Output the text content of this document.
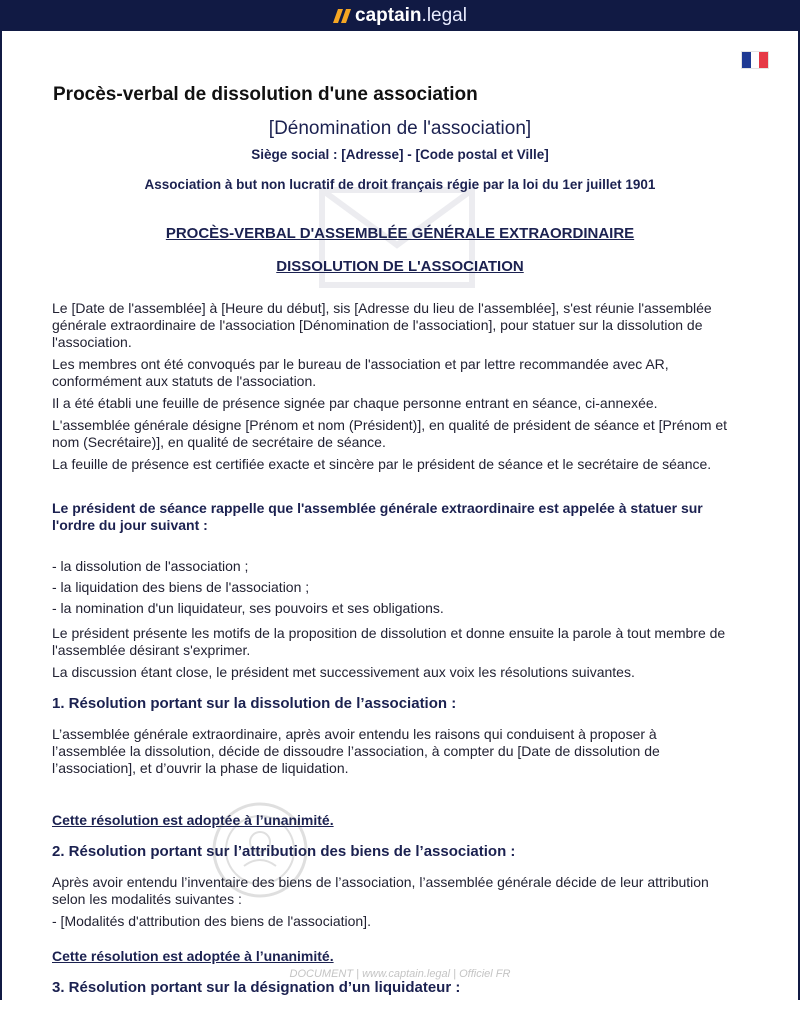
captain .legal
Procès-verbal de dissolution d'une association
[Dénomination de l'association]
Siège social : [Adresse] - [Code postal et Ville]
Association à but non lucratif de droit français régie par la loi du 1er juillet 1901
PROCÈS-VERBAL D'ASSEMBLÉE GÉNÉRALE EXTRAORDINAIRE
DISSOLUTION DE L'ASSOCIATION

Le [Date de l'assemblée] à [Heure du début], sis [Adresse du lieu de l'assemblée], s'est réunie l'assemblée générale extraordinaire de l'association [Dénomination de l'association], pour statuer sur la dissolution de l'association.

Les membres ont été convoqués par le bureau de l'association et par lettre recommandée avec AR, conformément aux statuts de l'association.

Il a été établi une feuille de présence signée par chaque personne entrant en séance, ci-annexée.

L'assemblée générale désigne [Prénom et nom (Président)], en qualité de président de séance et [Prénom et nom (Secrétaire)], en qualité de secrétaire de séance.

La feuille de présence est certifiée exacte et sincère par le président de séance et le secrétaire de séance.

Le président de séance rappelle que l'assemblée générale extraordinaire est appelée à statuer sur l'ordre du jour suivant :

- la dissolution de l'association ;
- la liquidation des biens de l'association ;
- la nomination d'un liquidateur, ses pouvoirs et ses obligations.

Le président présente les motifs de la proposition de dissolution et donne ensuite la parole à tout membre de l'assemblée désirant s'exprimer.

La discussion étant close, le président met successivement aux voix les résolutions suivantes.

1. Résolution portant sur la dissolution de l’association :

L’assemblée générale extraordinaire, après avoir entendu les raisons qui conduisent à proposer à l’assemblée la dissolution, décide de dissoudre l’association, à compter du [Date de dissolution de l’association], et d’ouvrir la phase de liquidation.

Cette résolution est adoptée à l’unanimité.

2. Résolution portant sur l’attribution des biens de l’association :

Après avoir entendu l’inventaire des biens de l’association, l’assemblée générale décide de leur attribution selon les modalités suivantes :

- [Modalités d'attribution des biens de l'association].

Cette résolution est adoptée à l’unanimité.

3. Résolution portant sur la désignation d’un liquidateur :
DOCUMENT | www.captain.legal | Officiel FR
